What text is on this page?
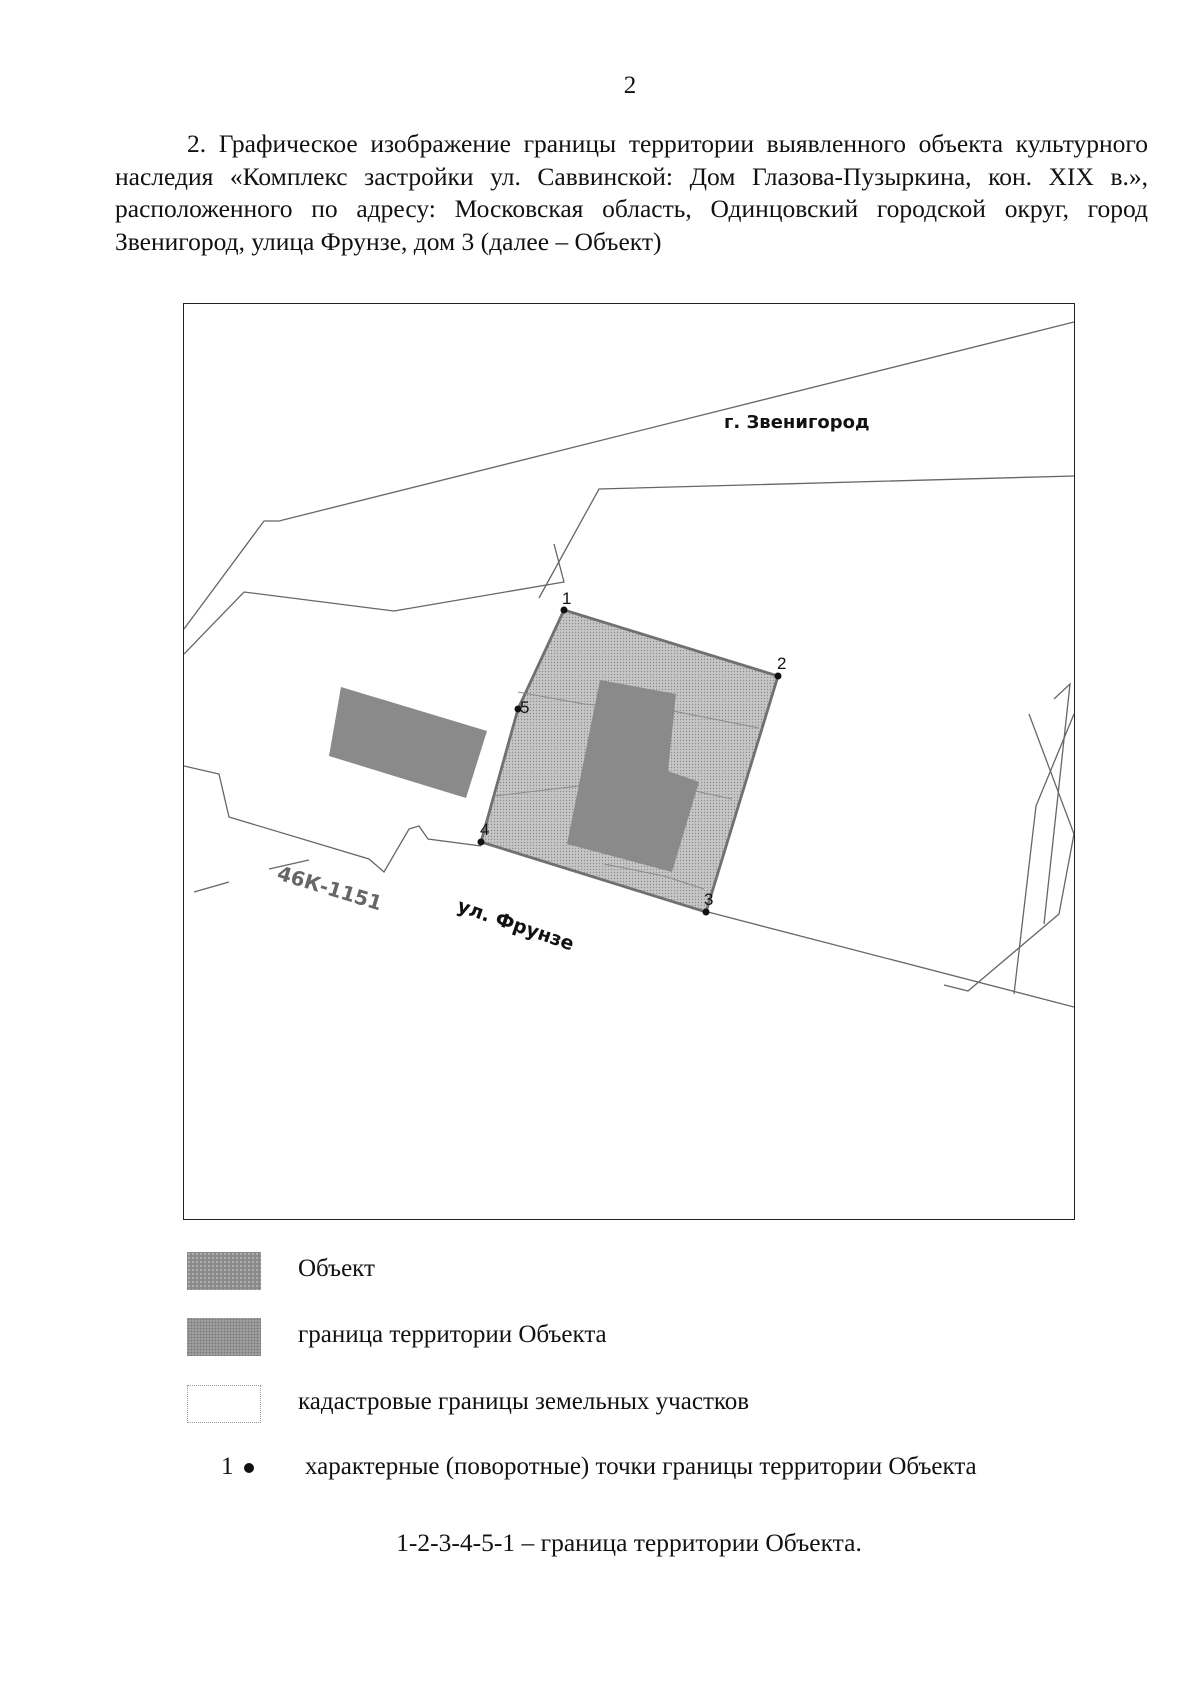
2

2. Графическое изображение границы территории выявленного объекта культурного наследия «Комплекс застройки ул. Саввинской: Дом Глазова-Пузыркина, кон. XIX в.», расположенного по адресу: Московская область, Одинцовский городской округ, город Звенигород, улица Фрунзе, дом 3 (далее – Объект)

1
2
3
4
5
г. Звенигород
46К-1151
ул. Фрунзе
Объект
граница территории Объекта
кадастровые границы земельных участков
1	характерные (поворотные) точки границы территории Объекта
1-2-3-4-5-1 – граница территории Объекта.
